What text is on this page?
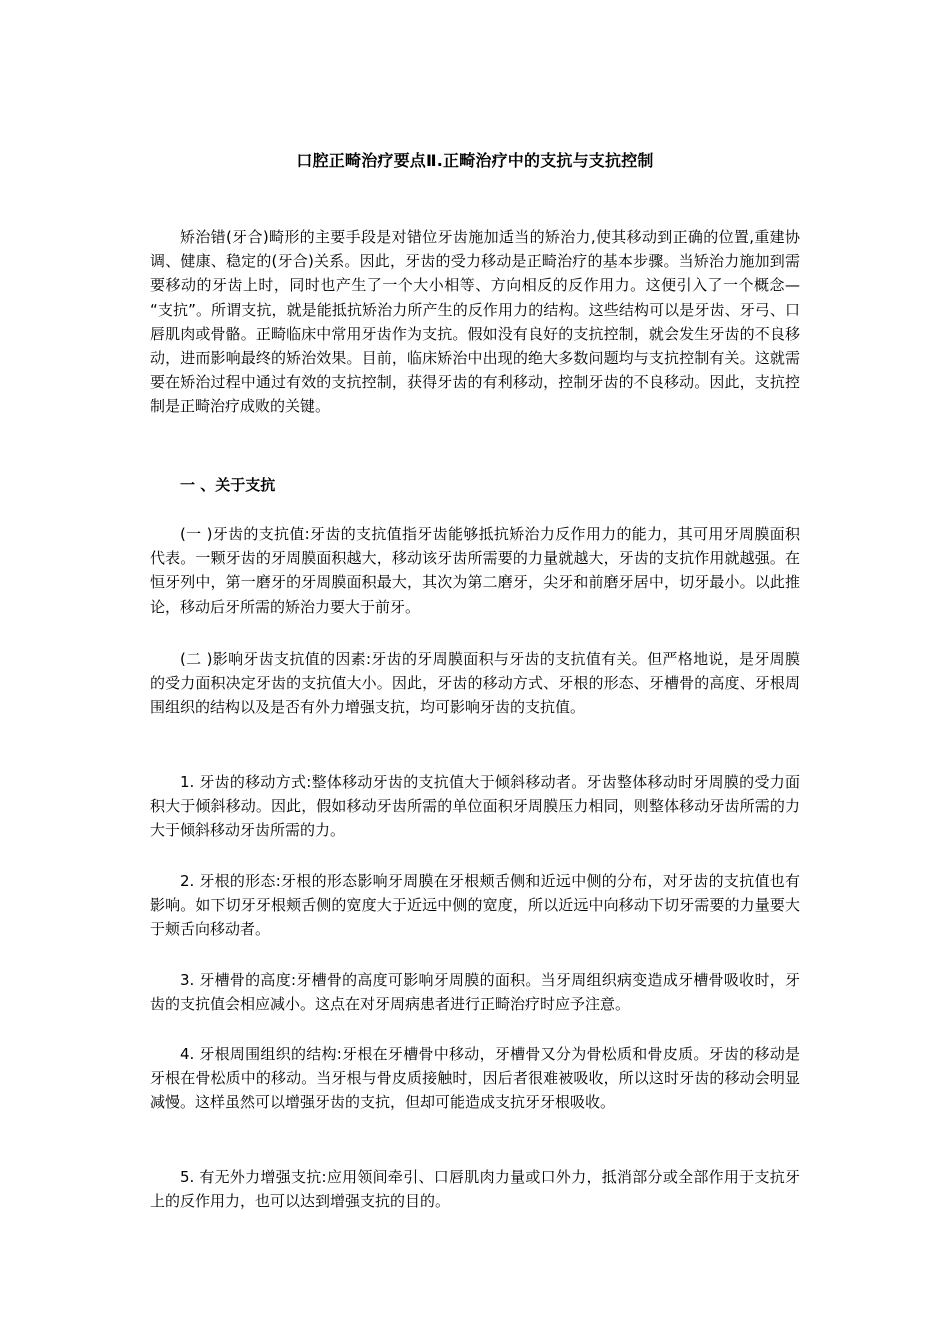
口腔正畸治疗要点Ⅱ.正畸治疗中的支抗与支抗控制

矫治错(牙合)畸形的主要手段是对错位牙齿施加适当的矫治力,使其移动到正确的位置,重建协调、健康、稳定的(牙合)关系。因此，牙齿的受力移动是正畸治疗的基本步骤。当矫治力施加到需要移动的牙齿上时，同时也产生了一个大小相等、方向相反的反作用力。这便引入了一个概念— “支抗”。所谓支抗，就是能抵抗矫治力所产生的反作用力的结构。这些结构可以是牙齿、牙弓、口唇肌肉或骨骼。正畸临床中常用牙齿作为支抗。假如没有良好的支抗控制，就会发生牙齿的不良移动，进而影响最终的矫治效果。目前，临床矫治中出现的绝大多数问题均与支抗控制有关。这就需要在矫治过程中通过有效的支抗控制，获得牙齿的有利移动，控制牙齿的不良移动。因此，支抗控制是正畸治疗成败的关键。

一 、关于支抗

(一 )牙齿的支抗值:牙齿的支抗值指牙齿能够抵抗矫治力反作用力的能力，其可用牙周膜面积代表。一颗牙齿的牙周膜面积越大，移动该牙齿所需要的力量就越大，牙齿的支抗作用就越强。在恒牙列中，第一磨牙的牙周膜面积最大，其次为第二磨牙，尖牙和前磨牙居中，切牙最小。以此推论，移动后牙所需的矫治力要大于前牙。

(二 )影响牙齿支抗值的因素:牙齿的牙周膜面积与牙齿的支抗值有关。但严格地说，是牙周膜的受力面积决定牙齿的支抗值大小。因此，牙齿的移动方式、牙根的形态、牙槽骨的高度、牙根周围组织的结构以及是否有外力增强支抗，均可影响牙齿的支抗值。

1. 牙齿的移动方式:整体移动牙齿的支抗值大于倾斜移动者。牙齿整体移动时牙周膜的受力面积大于倾斜移动。因此，假如移动牙齿所需的单位面积牙周膜压力相同，则整体移动牙齿所需的力大于倾斜移动牙齿所需的力。

2. 牙根的形态:牙根的形态影响牙周膜在牙根颊舌侧和近远中侧的分布，对牙齿的支抗值也有影响。如下切牙牙根颊舌侧的宽度大于近远中侧的宽度，所以近远中向移动下切牙需要的力量要大于颊舌向移动者。

3. 牙槽骨的高度:牙槽骨的高度可影响牙周膜的面积。当牙周组织病变造成牙槽骨吸收时，牙齿的支抗值会相应减小。这点在对牙周病患者进行正畸治疗时应予注意。

4. 牙根周围组织的结构:牙根在牙槽骨中移动，牙槽骨又分为骨松质和骨皮质。牙齿的移动是牙根在骨松质中的移动。当牙根与骨皮质接触时，因后者很难被吸收，所以这时牙齿的移动会明显减慢。这样虽然可以增强牙齿的支抗，但却可能造成支抗牙牙根吸收。

5. 有无外力增强支抗:应用领间牵引、口唇肌肉力量或口外力，抵消部分或全部作用于支抗牙上的反作用力，也可以达到增强支抗的目的。
